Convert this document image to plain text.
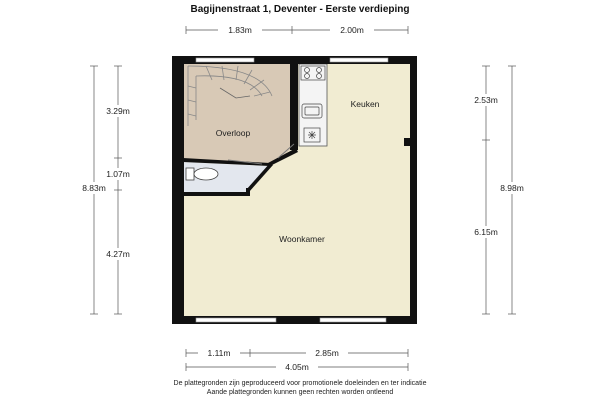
Bagijnenstraat 1, Deventer - Eerste verdieping
Keuken
Overloop
Woonkamer
1.83m	2.00m
1.11m	2.85m
4.05m
3.29m
1.07m
4.27m
8.83m
2.53m
6.15m
8.98m
De plattegronden zijn geproduceerd voor promotionele doeleinden en ter indicatie
Aande plattegronden kunnen geen rechten worden ontleend
